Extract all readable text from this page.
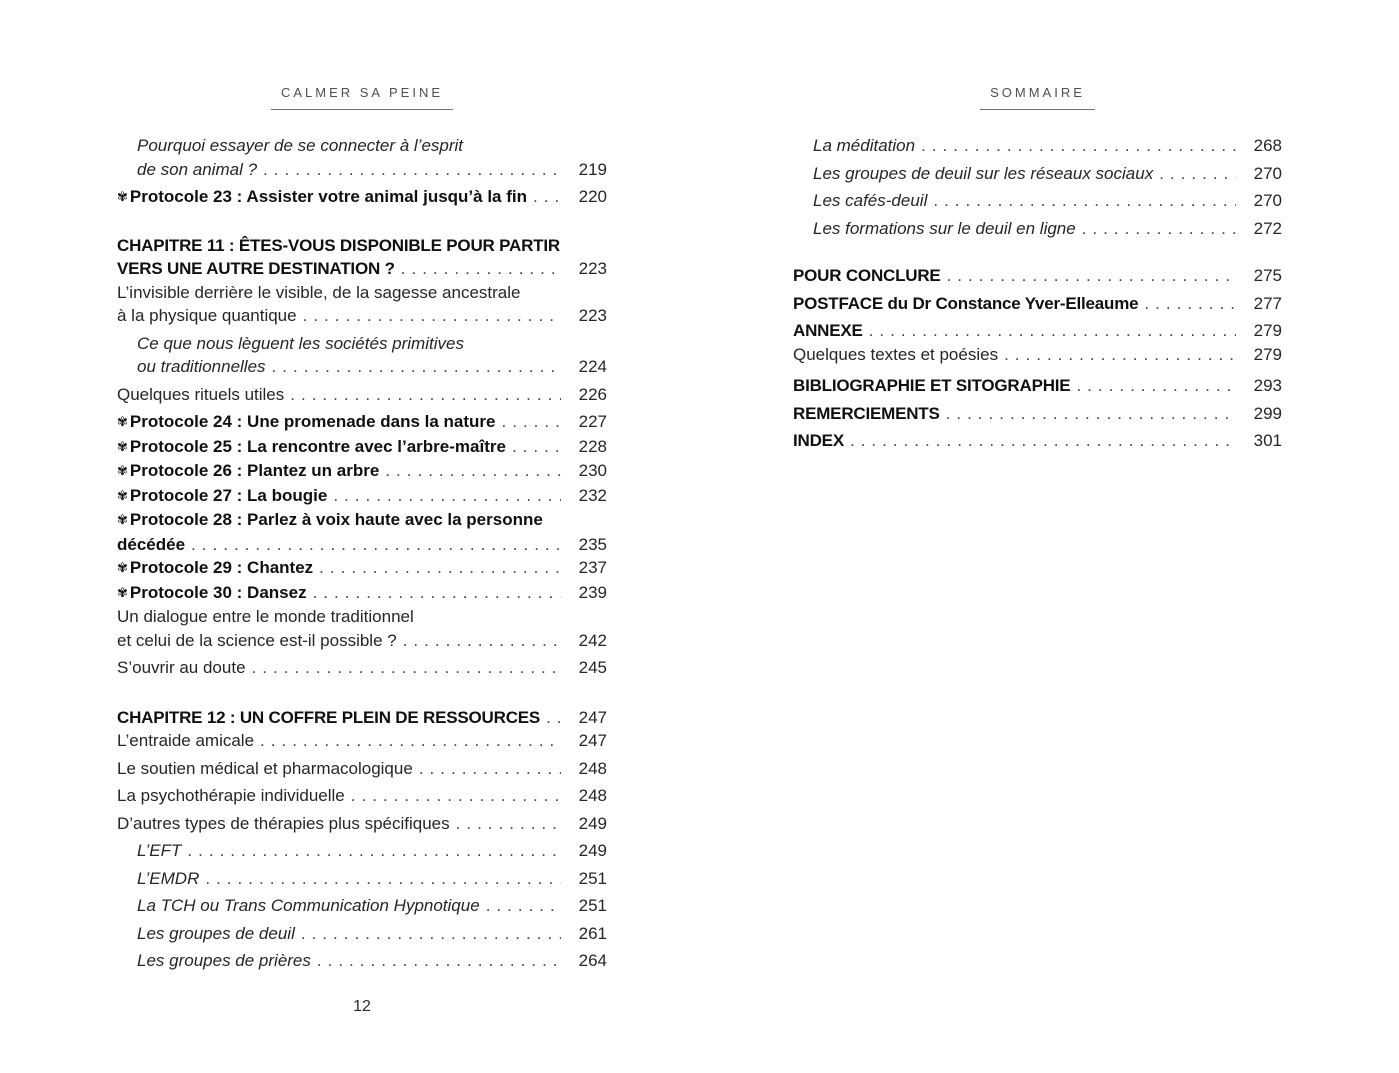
CALMER SA PEINE
Pourquoi essayer de se connecter à l’esprit
de son animal ? .....	219
✾ Protocole 23 : Assister votre animal jusqu’à la fin .....	220
CHAPITRE 11 : ÊTES-VOUS DISPONIBLE POUR PARTIR
VERS UNE AUTRE DESTINATION ? .....	223
L’invisible derrière le visible, de la sagesse ancestrale
à la physique quantique .....	223
Ce que nous lèguent les sociétés primitives
ou traditionnelles .....	224
Quelques rituels utiles .....	226
✾ Protocole 24 : Une promenade dans la nature .....	227
✾ Protocole 25 : La rencontre avec l’arbre-maître .....	228
✾ Protocole 26 : Plantez un arbre .....	230
✾ Protocole 27 : La bougie .....	232
✾ Protocole 28 : Parlez à voix haute avec la personne
décédée .....	235
✾ Protocole 29 : Chantez .....	237
✾ Protocole 30 : Dansez .....	239
Un dialogue entre le monde traditionnel
et celui de la science est-il possible ? .....	242
S’ouvrir au doute .....	245
CHAPITRE 12 : UN COFFRE PLEIN DE RESSOURCES .....	247
L’entraide amicale .....	247
Le soutien médical et pharmacologique .....	248
La psychothérapie individuelle .....	248
D’autres types de thérapies plus spécifiques .....	249
L’EFT .....	249
L’EMDR .....	251
La TCH ou Trans Communication Hypnotique .....	251
Les groupes de deuil .....	261
Les groupes de prières .....	264
12
SOMMAIRE
La méditation .....	268
Les groupes de deuil sur les réseaux sociaux .....	270
Les cafés-deuil .....	270
Les formations sur le deuil en ligne .....	272
POUR CONCLURE .....	275
POSTFACE du Dr Constance Yver-Elleaume .....	277
ANNEXE .....	279
Quelques textes et poésies .....	279
BIBLIOGRAPHIE ET SITOGRAPHIE .....	293
REMERCIEMENTS .....	299
INDEX .....	301
